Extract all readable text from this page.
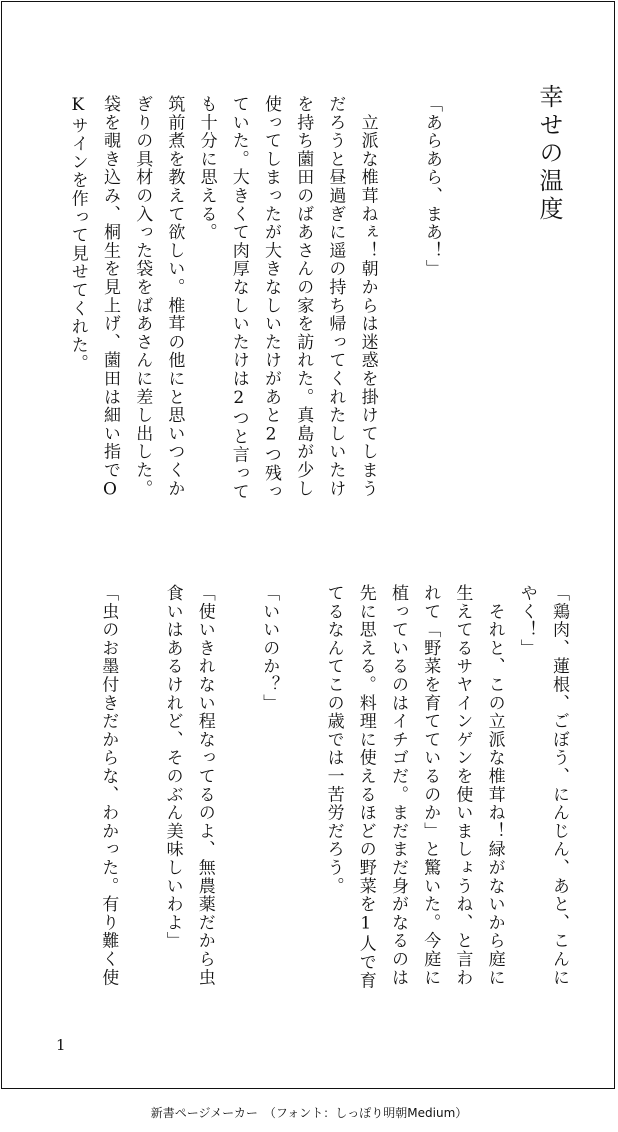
幸せの温度
1
新書ページメーカー　（フォント：しっぽり明朝Medium）
「あらあら、まあ！」
　立派な椎茸ねぇ！朝からは迷惑を掛けてしまう
だろうと昼過ぎに遥の持ち帰ってくれたしいたけ
を持ち薗田のばあさんの家を訪れた。真島が少し
使ってしまったが大きなしいたけがあと2つ残っ
ていた。大きくて肉厚なしいたけは2つと言って
も十分に思える。
筑前煮を教えて欲しい。椎茸の他にと思いつくか
ぎりの具材の入った袋をばあさんに差し出した。
袋を覗き込み、桐生を見上げ、薗田は細い指でO
Kサインを作って見せてくれた。
「鶏肉、蓮根、ごぼう、にんじん、あと、こんに
やく！」
　それと、この立派な椎茸ね！緑がないから庭に
生えてるサヤインゲンを使いましょうね、と言わ
れて「野菜を育てているのか」と驚いた。今庭に
植っているのはイチゴだ。まだまだ身がなるのは
先に思える。料理に使えるほどの野菜を1人で育
てるなんてこの歳では一苦労だろう。
「いいのか？」
「使いきれない程なってるのよ、無農薬だから虫
食いはあるけれど、そのぶん美味しいわよ」
「虫のお墨付きだからな、わかった。有り難く使
